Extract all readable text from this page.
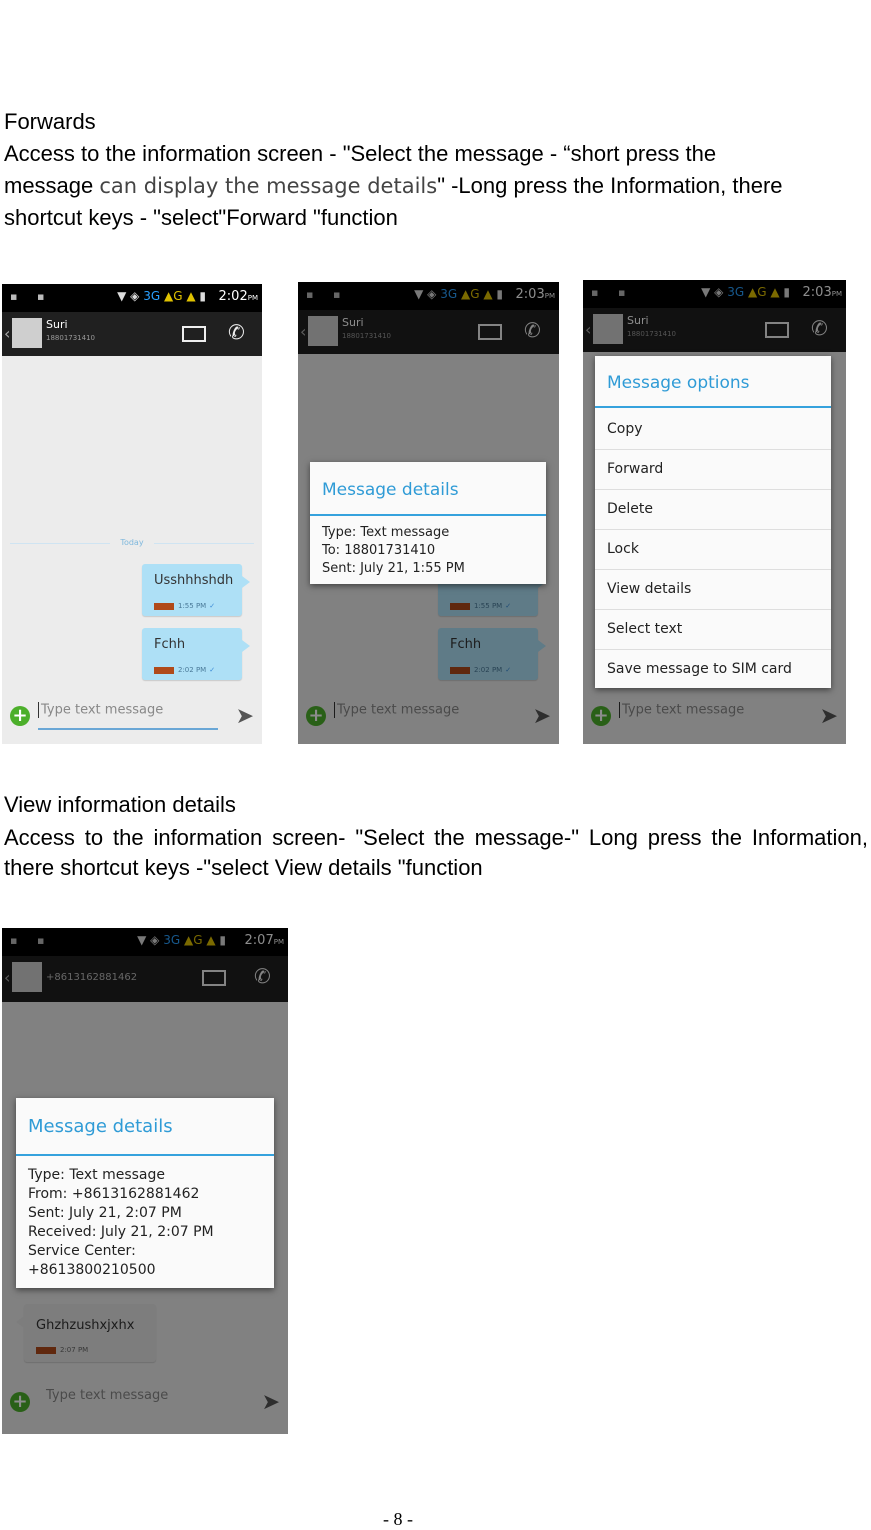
Forwards
Access to the information screen - "Select the message - “short press the
message can display the message details" -Long press the Information, there
shortcut keys - "select"Forward "function
▪ ▪	▼ ◈ 3G ▲G ▲ ▮ 2:02PM
‹	Suri
18801731410	✆
Today
Usshhhshdh
1:55 PM ✓
Fchh
2:02 PM ✓
+ Type text message	➤
▪ ▪	▼ ◈ 3G ▲G ▲ ▮ 2:03PM
‹	Suri
18801731410	✆
1:55 PM ✓
Fchh
2:02 PM ✓
+ Type text message	➤
Message details
Type: Text message
To: 18801731410
Sent: July 21, 1:55 PM
▪ ▪	▼ ◈ 3G ▲G ▲ ▮ 2:03PM
‹	Suri
18801731410	✆
+ Type text message	➤
Message options
Copy
Forward
Delete
Lock
View details
Select text
Save message to SIM card
View information details
Access to the information screen- "Select the message-" Long press the Information, there shortcut keys -"select View details "function
▪ ▪	▼ ◈ 3G ▲G ▲ ▮ 2:07PM
‹	+8613162881462	✆
Ghzhzushxjxhx
2:07 PM
+ Type text message	➤
Message details
Type: Text message
From: +8613162881462
Sent: July 21, 2:07 PM
Received: July 21, 2:07 PM
Service Center:
+8613800210500
- 8 -
